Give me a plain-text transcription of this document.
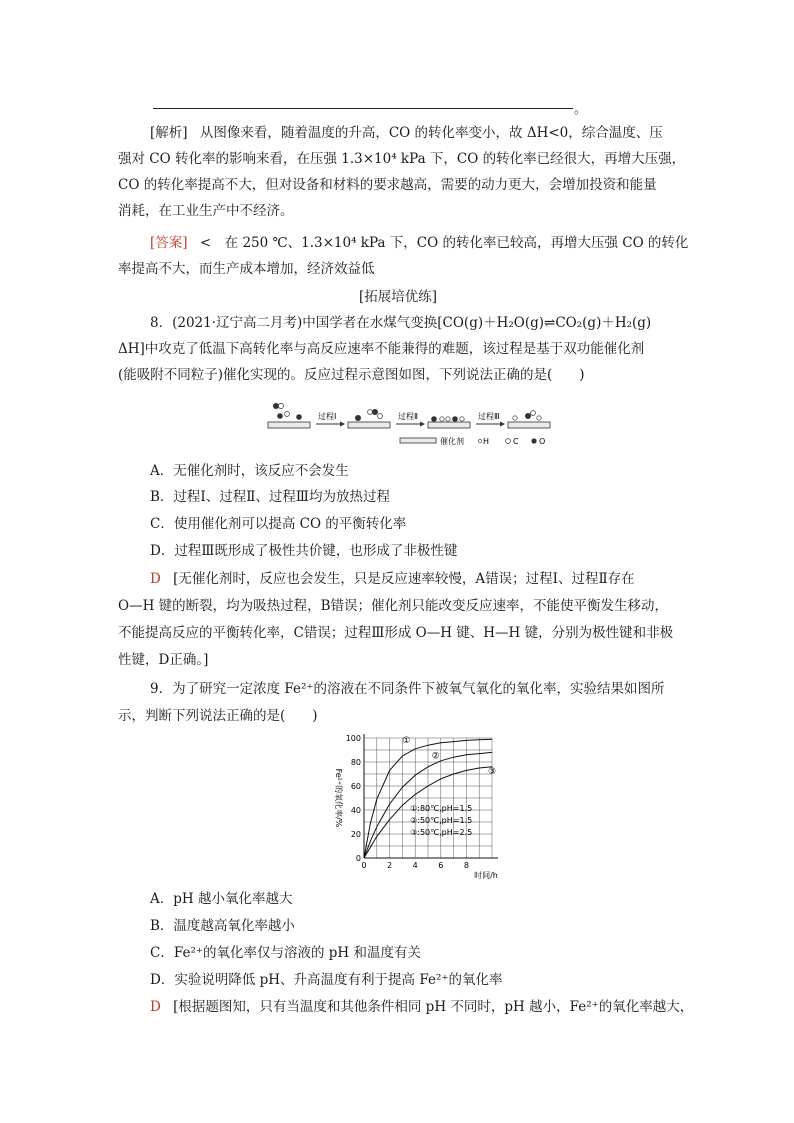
。
[解析] 从图像来看，随着温度的升高，CO 的转化率变小，故 ΔH<0，综合温度、压
强对 CO 转化率的影响来看，在压强 1.3×10⁴ kPa 下，CO 的转化率已经很大，再增大压强，
CO 的转化率提高不大，但对设备和材料的要求越高，需要的动力更大，会增加投资和能量
消耗，在工业生产中不经济。
[答案] <　在 250 ℃、1.3×10⁴ kPa 下，CO 的转化率已较高，再增大压强 CO 的转化
率提高不大，而生产成本增加，经济效益低
[拓展培优练]
8．(2021·辽宁高二月考)中国学者在水煤气变换[CO(g)＋H₂O(g)⇌CO₂(g)＋H₂(g)
ΔH]中攻克了低温下高转化率与高反应速率不能兼得的难题，该过程是基于双功能催化剂
(能吸附不同粒子)催化实现的。反应过程示意图如图，下列说法正确的是(　　)
过程Ⅰ	过程Ⅱ	过程Ⅲ
催化剂 H	C	O
A．无催化剂时，该反应不会发生
B．过程Ⅰ、过程Ⅱ、过程Ⅲ均为放热过程
C．使用催化剂可以提高 CO 的平衡转化率
D．过程Ⅲ既形成了极性共价键，也形成了非极性键
D [无催化剂时，反应也会发生，只是反应速率较慢，A错误；过程Ⅰ、过程Ⅱ存在
O—H 键的断裂，均为吸热过程，B错误；催化剂只能改变反应速率，不能使平衡发生移动，
不能提高反应的平衡转化率，C错误；过程Ⅲ形成 O—H 键、H—H 键，分别为极性键和非极
性键，D正确。]
9．为了研究一定浓度 Fe²⁺的溶液在不同条件下被氧气氧化的氧化率，实验结果如图所
示，判断下列说法正确的是(　　)
0	2	4	6	8
0
20
40
60
80
100
时间/h
Fe²⁺的氧化率/%
①
②
③
①:80℃,pH=1.5
②:50℃,pH=1.5
③:50℃,pH=2.5
A．pH 越小氧化率越大
B．温度越高氧化率越小
C．Fe²⁺的氧化率仅与溶液的 pH 和温度有关
D．实验说明降低 pH、升高温度有利于提高 Fe²⁺的氧化率
D [根据题图知，只有当温度和其他条件相同 pH 不同时，pH 越小，Fe²⁺的氧化率越大，
